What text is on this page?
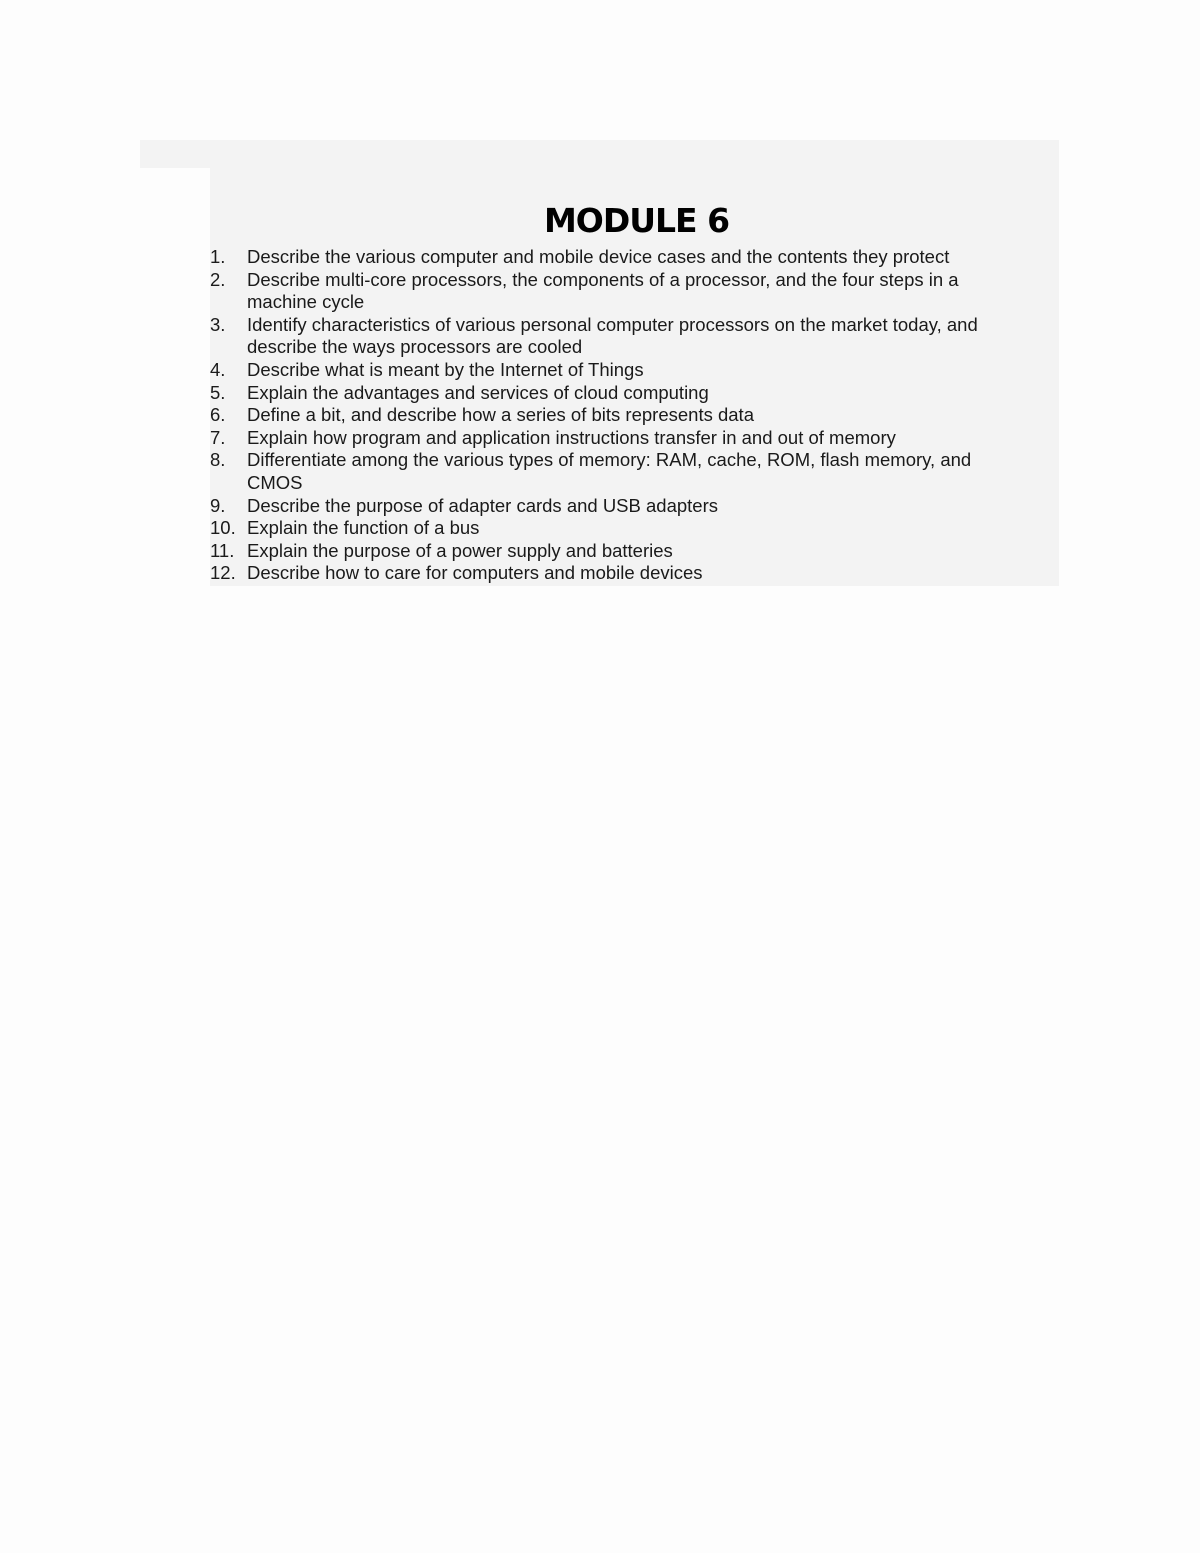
MODULE 6
1.	Describe the various computer and mobile device cases and the contents they protect
2.	Describe multi-core processors, the components of a processor, and the four steps in a machine cycle
3.	Identify characteristics of various personal computer processors on the market today, and describe the ways processors are cooled
4.	Describe what is meant by the Internet of Things
5.	Explain the advantages and services of cloud computing
6.	Define a bit, and describe how a series of bits represents data
7.	Explain how program and application instructions transfer in and out of memory
8.	Differentiate among the various types of memory: RAM, cache, ROM, flash memory, and CMOS
9.	Describe the purpose of adapter cards and USB adapters
10. Explain the function of a bus
11. Explain the purpose of a power supply and batteries
12. Describe how to care for computers and mobile devices
